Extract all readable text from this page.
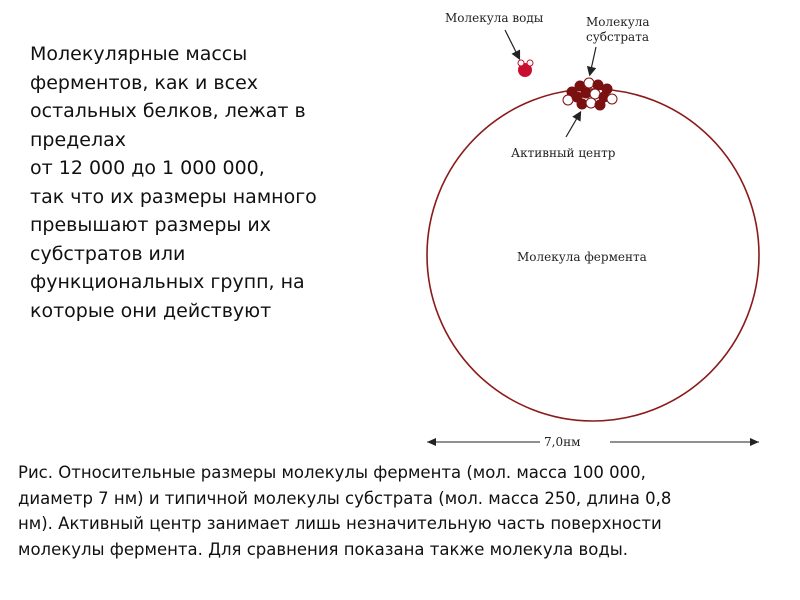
Молекулярные массы
ферментов, как и всех
остальных белков, лежат в
пределах
от 12 000 до 1 000 000,
так что их размеры намного
превышают размеры их
субстратов или
функциональных групп, на
которые они действуют
Молекула воды	Молекула
субстрата
Активный центр
Молекула фермента
7,0нм
Рис. Относительные размеры молекулы фермента (мол. масса 100 000,
диаметр 7 нм) и типичной молекулы субстрата (мол. масса 250, длина 0,8
нм). Активный центр занимает лишь незначительную часть поверхности
молекулы фермента. Для сравнения показана также молекула воды.
